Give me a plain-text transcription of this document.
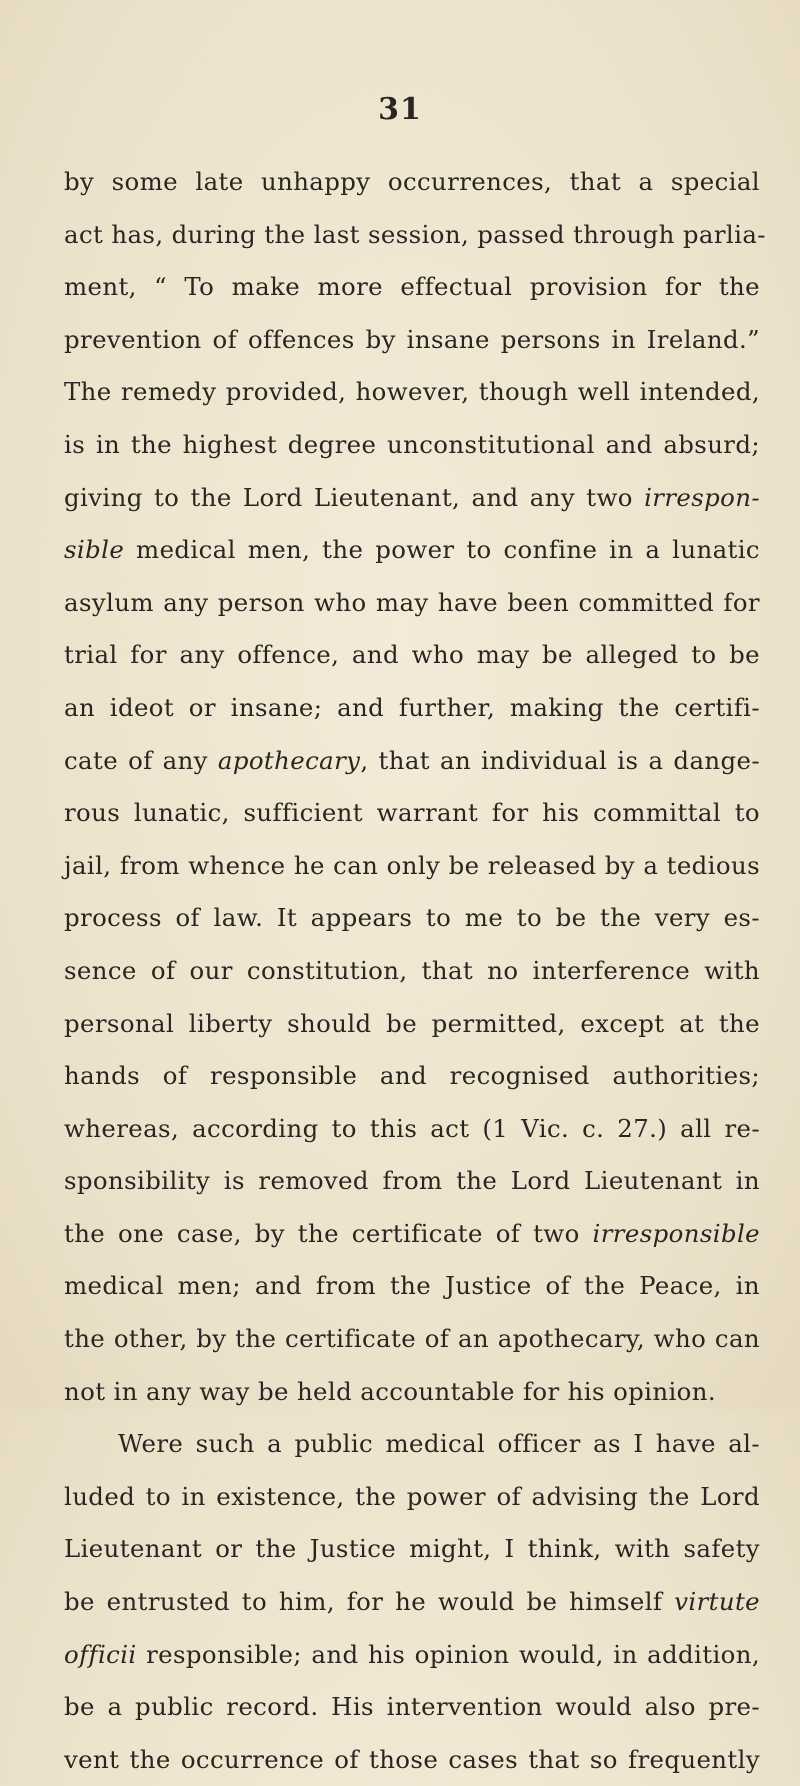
31
by some late unhappy occurrences, that a special
act has, during the last session, passed through parlia-
ment, “ To make more effectual provision for the
prevention of offences by insane persons in Ireland.”
The remedy provided, however, though well intended,
is in the highest degree unconstitutional and absurd;
giving to the Lord Lieutenant, and any two irrespon-
sible medical men, the power to confine in a lunatic
asylum any person who may have been committed for
trial for any offence, and who may be alleged to be
an ideot or insane; and further, making the certifi-
cate of any apothecary, that an individual is a dange-
rous lunatic, sufficient warrant for his committal to
jail, from whence he can only be released by a tedious
process of law. It appears to me to be the very es-
sence of our constitution, that no interference with
personal liberty should be permitted, except at the
hands of responsible and recognised authorities;
whereas, according to this act (1 Vic. c. 27.) all re-
sponsibility is removed from the Lord Lieutenant in
the one case, by the certificate of two irresponsible
medical men; and from the Justice of the Peace, in
the other, by the certificate of an apothecary, who can
not in any way be held accountable for his opinion.
Were such a public medical officer as I have al-
luded to in existence, the power of advising the Lord
Lieutenant or the Justice might, I think, with safety
be entrusted to him, for he would be himself virtute
officii responsible; and his opinion would, in addition,
be a public record. His intervention would also pre-
vent the occurrence of those cases that so frequently
